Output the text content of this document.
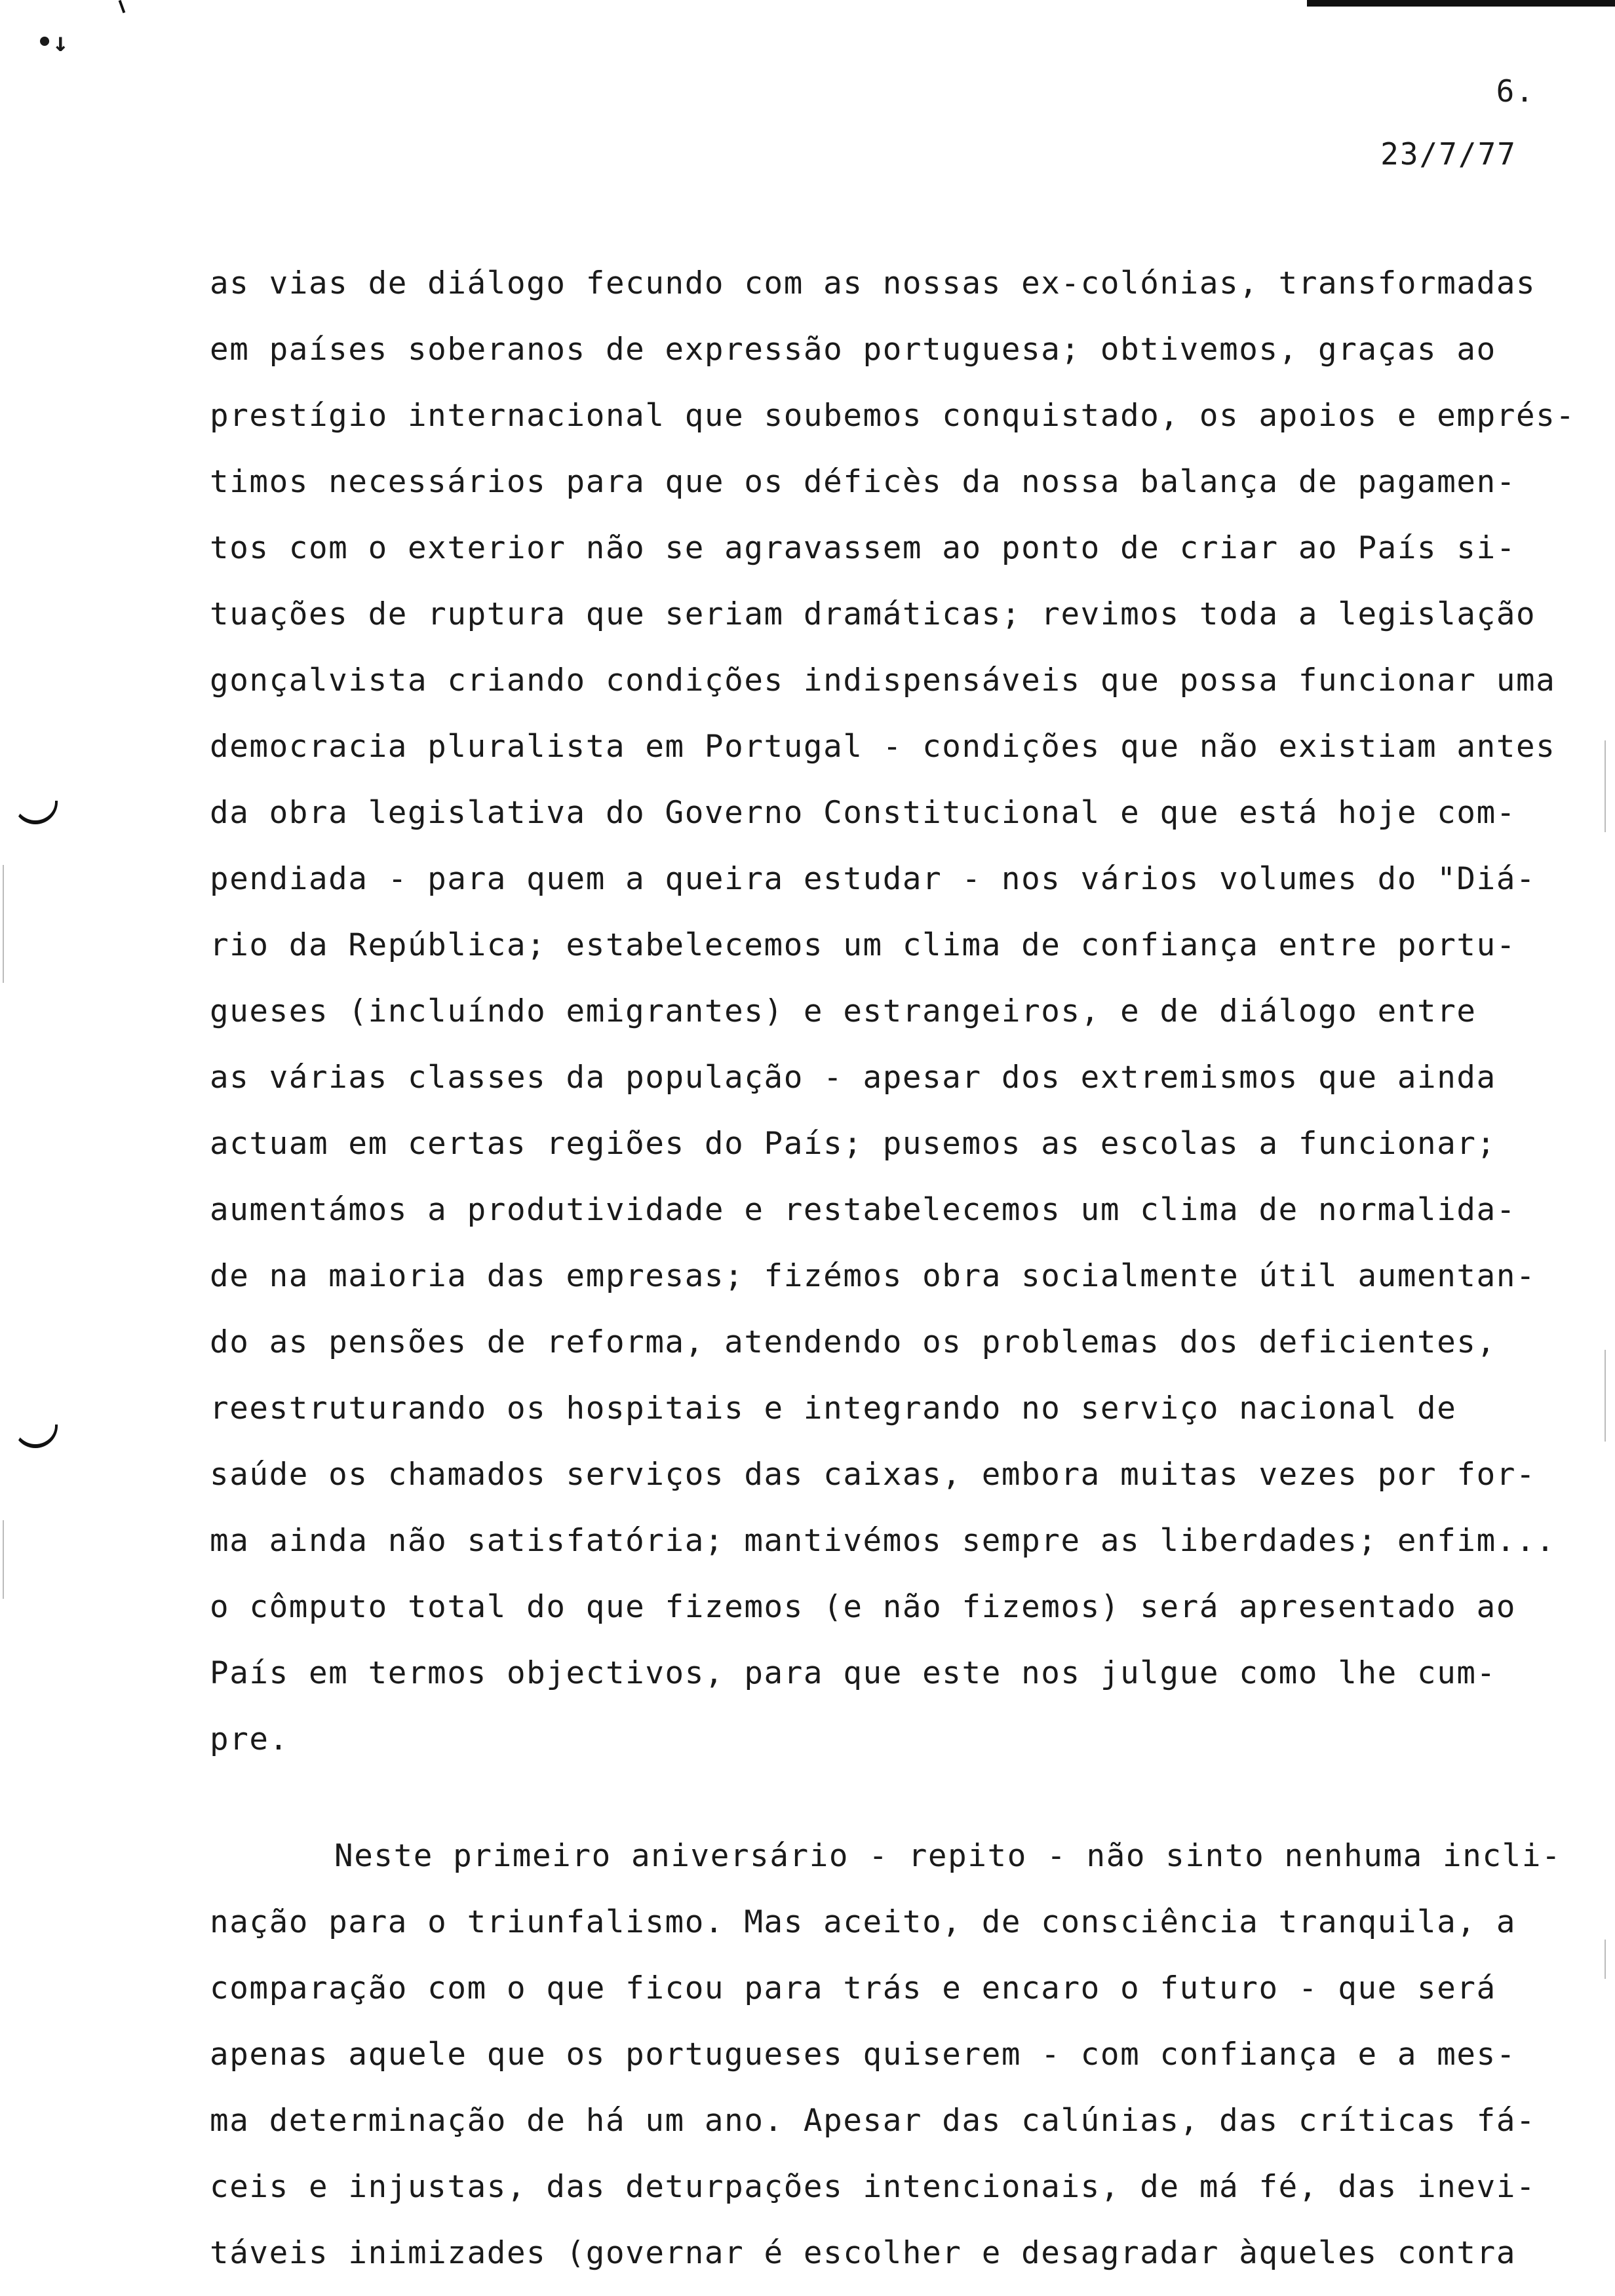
•↓
6.
23/7/77
as vias de diálogo fecundo com as nossas ex-colónias, transformadas
em países soberanos de expressão portuguesa; obtivemos, graças ao
prestígio internacional que soubemos conquistado, os apoios e emprés-
timos necessários para que os déficès da nossa balança de pagamen-
tos com o exterior não se agravassem ao ponto de criar ao País si-
tuações de ruptura que seriam dramáticas; revimos toda a legislação
gonçalvista criando condições indispensáveis que possa funcionar uma
democracia pluralista em Portugal - condições que não existiam antes
da obra legislativa do Governo Constitucional e que está hoje com-
pendiada - para quem a queira estudar - nos vários volumes do "Diá-
rio da República; estabelecemos um clima de confiança entre portu-
gueses (incluíndo emigrantes) e estrangeiros, e de diálogo entre
as várias classes da população - apesar dos extremismos que ainda
actuam em certas regiões do País; pusemos as escolas a funcionar;
aumentámos a produtividade e restabelecemos um clima de normalida-
de na maioria das empresas; fizémos obra socialmente útil aumentan-
do as pensões de reforma, atendendo os problemas dos deficientes,
reestruturando os hospitais e integrando no serviço nacional de
saúde os chamados serviços das caixas, embora muitas vezes por for-
ma ainda não satisfatória; mantivémos sempre as liberdades; enfim...
o cômputo total do que fizemos (e não fizemos) será apresentado ao
País em termos objectivos, para que este nos julgue como lhe cum-
pre.
Neste primeiro aniversário - repito - não sinto nenhuma incli-
nação para o triunfalismo. Mas aceito, de consciência tranquila, a
comparação com o que ficou para trás e encaro o futuro - que será
apenas aquele que os portugueses quiserem - com confiança e a mes-
ma determinação de há um ano. Apesar das calúnias, das críticas fá-
ceis e injustas, das deturpações intencionais, de má fé, das inevi-
táveis inimizades (governar é escolher e desagradar àqueles contra
